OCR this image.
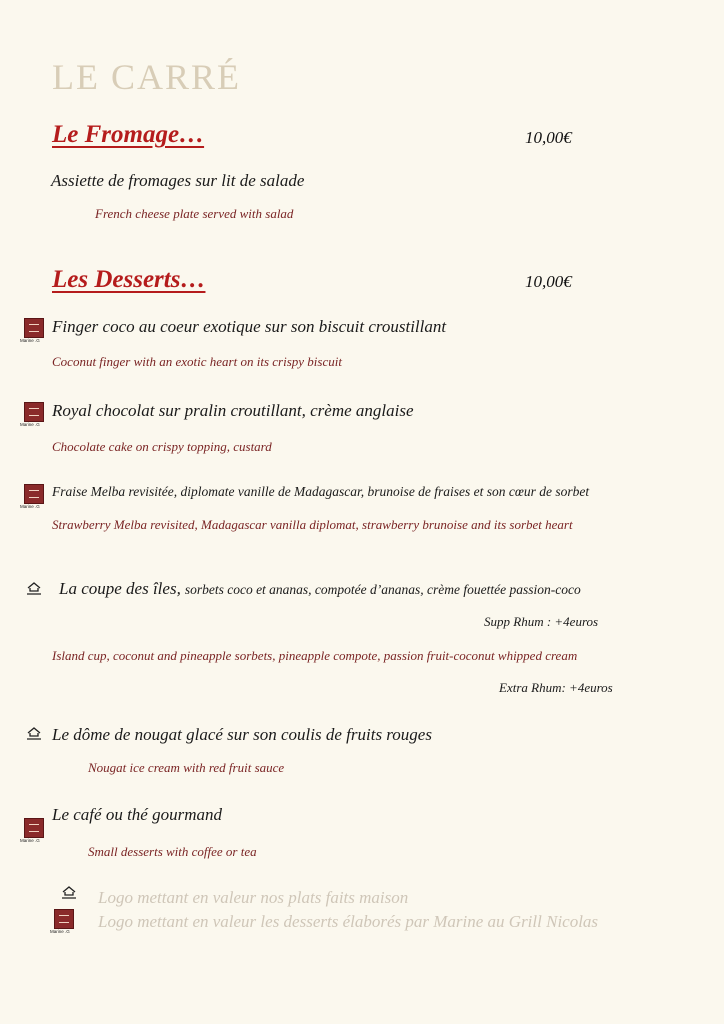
LE CARRÉ
Le Fromage…	10,00€
Assiette de fromages sur lit de salade
French cheese plate served with salad
Les Desserts…	10,00€
Marine .G
Finger coco au coeur exotique sur son biscuit croustillant
Coconut finger with an exotic heart on its crispy biscuit
Marine .G
Royal chocolat sur pralin croutillant, crème anglaise
Chocolate cake on crispy topping, custard
Marine .G
Fraise Melba revisitée, diplomate vanille de Madagascar, brunoise de fraises et son cœur de sorbet
Strawberry Melba revisited, Madagascar vanilla diplomat, strawberry brunoise and its sorbet heart
La coupe des îles, sorbets coco et ananas, compotée d’ananas, crème fouettée passion-coco
Supp Rhum : +4euros
Island cup, coconut and pineapple sorbets, pineapple compote, passion fruit-coconut whipped cream
Extra Rhum: +4euros
Le dôme de nougat glacé sur son coulis de fruits rouges
Nougat ice cream with red fruit sauce
Marine .G
Le café ou thé gourmand
Small desserts with coffee or tea
Logo mettant en valeur nos plats faits maison
Marine .G
Logo mettant en valeur les desserts élaborés par Marine au Grill Nicolas
